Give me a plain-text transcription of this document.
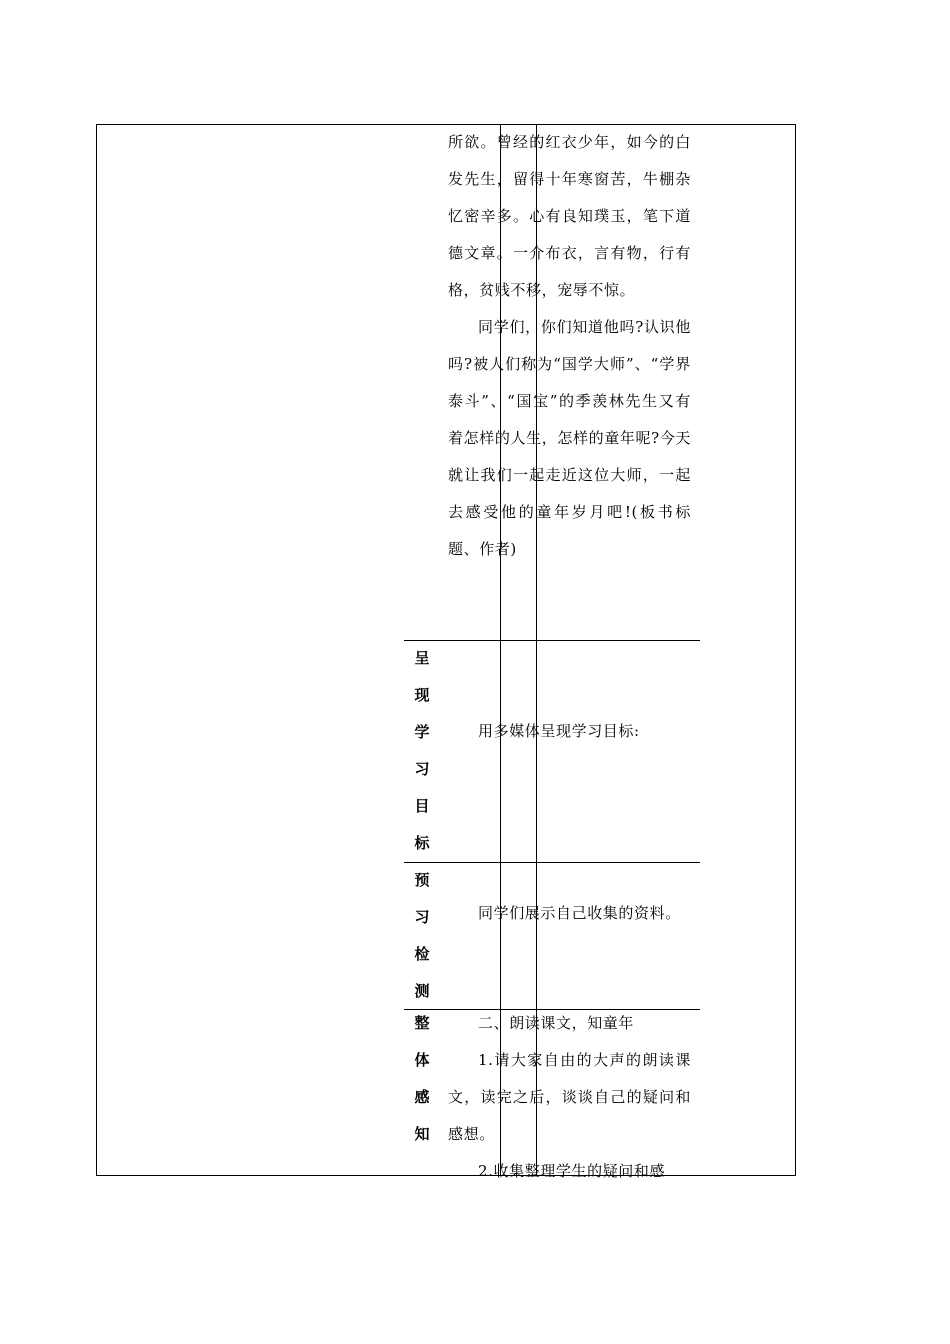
所欲。曾经的红衣少年，如今的白发先生，留得十年寒窗苦，牛棚杂忆密辛多。心有良知璞玉，笔下道德文章。一介布衣，言有物，行有格，贫贱不移，宠辱不惊。

同学们，你们知道他吗?认识他吗?被人们称为“国学大师”、“学界泰斗”、“国宝”的季羡林先生又有着怎样的人生，怎样的童年呢?今天就让我们一起走近这位大师，一起去感受他的童年岁月吧!(板书标题、作者)

呈
现
学
习
目
标

用多媒体呈现学习目标:

预
习
检
测

同学们展示自己收集的资料。

整
体
感
知

二、朗读课文，知童年

1.请大家自由的大声的朗读课文，读完之后，谈谈自己的疑问和感想。

2.收集整理学生的疑问和感
